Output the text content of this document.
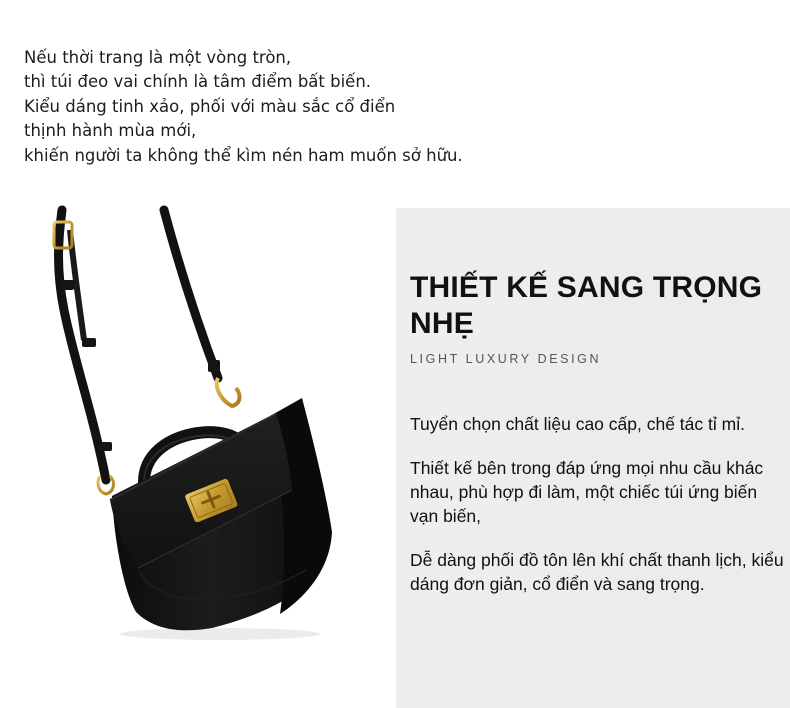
Nếu thời trang là một vòng tròn,
thì túi đeo vai chính là tâm điểm bất biến.
Kiểu dáng tinh xảo, phối với màu sắc cổ điển
thịnh hành mùa mới,
khiến người ta không thể kìm nén ham muốn sở hữu.
THIẾT KẾ SANG TRỌNG NHẸ
LIGHT LUXURY DESIGN

Tuyển chọn chất liệu cao cấp, chế tác tỉ mỉ.

Thiết kế bên trong đáp ứng mọi nhu cầu khác nhau, phù hợp đi làm, một chiếc túi ứng biến vạn biến,

Dễ dàng phối đồ tôn lên khí chất thanh lịch, kiểu dáng đơn giản, cổ điển và sang trọng.
